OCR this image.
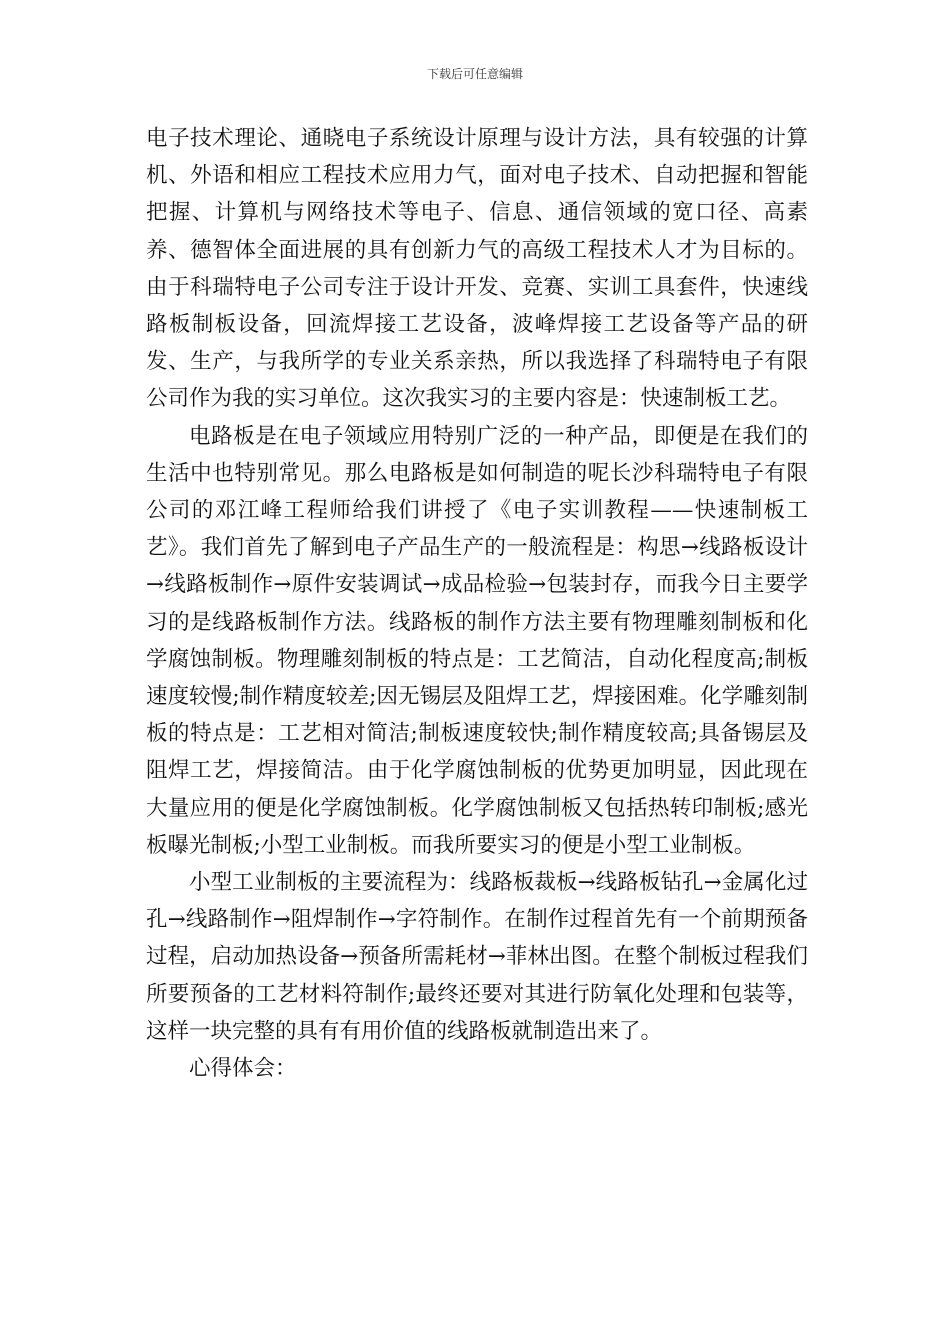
下载后可任意编辑

电子技术理论、通晓电子系统设计原理与设计方法，具有较强的计算机、外语和相应工程技术应用力气，面对电子技术、自动把握和智能把握、计算机与网络技术等电子、信息、通信领域的宽口径、高素养、德智体全面进展的具有创新力气的高级工程技术人才为目标的。由于科瑞特电子公司专注于设计开发、竞赛、实训工具套件，快速线路板制板设备，回流焊接工艺设备，波峰焊接工艺设备等产品的研发、生产，与我所学的专业关系亲热，所以我选择了科瑞特电子有限公司作为我的实习单位。这次我实习的主要内容是：快速制板工艺。

电路板是在电子领域应用特别广泛的一种产品，即便是在我们的生活中也特别常见。那么电路板是如何制造的呢长沙科瑞特电子有限公司的邓江峰工程师给我们讲授了《电子实训教程——快速制板工艺》。我们首先了解到电子产品生产的一般流程是：构思→线路板设计→线路板制作→原件安装调试→成品检验→包装封存，而我今日主要学习的是线路板制作方法。线路板的制作方法主要有物理雕刻制板和化学腐蚀制板。物理雕刻制板的特点是：工艺简洁，自动化程度高;制板速度较慢;制作精度较差;因无锡层及阻焊工艺，焊接困难。化学雕刻制板的特点是：工艺相对简洁;制板速度较快;制作精度较高;具备锡层及阻焊工艺，焊接简洁。由于化学腐蚀制板的优势更加明显，因此现在大量应用的便是化学腐蚀制板。化学腐蚀制板又包括热转印制板;感光板曝光制板;小型工业制板。而我所要实习的便是小型工业制板。

小型工业制板的主要流程为：线路板裁板→线路板钻孔→金属化过孔→线路制作→阻焊制作→字符制作。在制作过程首先有一个前期预备过程，启动加热设备→预备所需耗材→菲林出图。在整个制板过程我们所要预备的工艺材料符制作;最终还要对其进行防氧化处理和包装等，这样一块完整的具有有用价值的线路板就制造出来了。

心得体会：
